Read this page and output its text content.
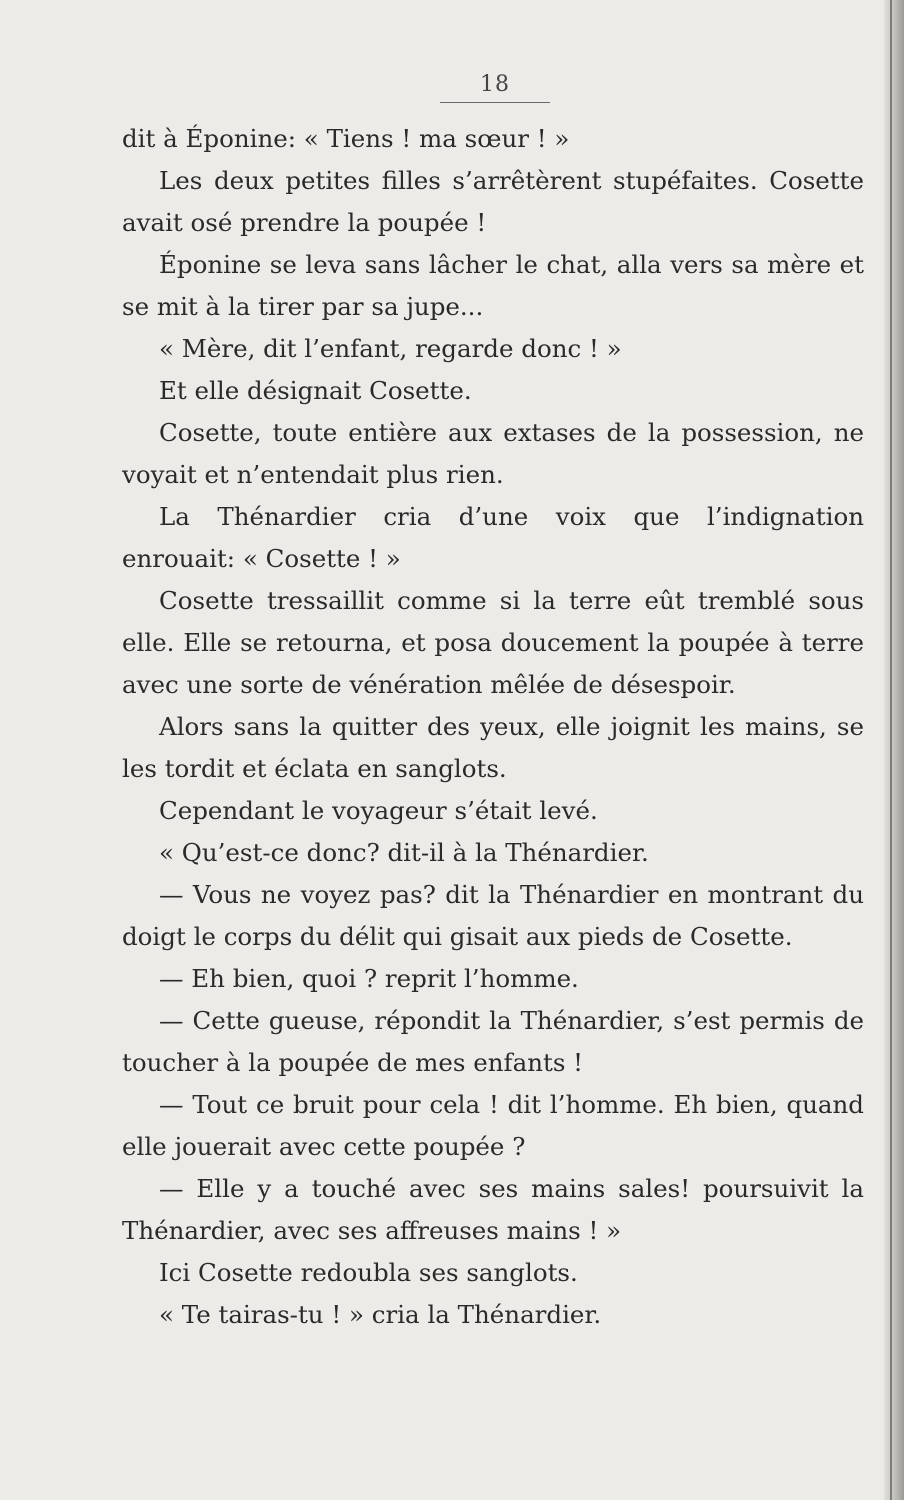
18

dit à Éponine: « Tiens ! ma sœur ! »

Les deux petites filles s’arrêtèrent stupéfaites. Cosette avait osé prendre la poupée !

Éponine se leva sans lâcher le chat, alla vers sa mère et se mit à la tirer par sa jupe...

« Mère, dit l’enfant, regarde donc ! »

Et elle désignait Cosette.

Cosette, toute entière aux extases de la possession, ne voyait et n’entendait plus rien.

La Thénardier cria d’une voix que l’indignation enrouait: « Cosette ! »

Cosette tressaillit comme si la terre eût tremblé sous elle. Elle se retourna, et posa doucement la poupée à terre avec une sorte de vénération mêlée de désespoir.

Alors sans la quitter des yeux, elle joignit les mains, se les tordit et éclata en sanglots.

Cependant le voyageur s’était levé.

« Qu’est-ce donc? dit-il à la Thénardier.

— Vous ne voyez pas? dit la Thénardier en montrant du doigt le corps du délit qui gisait aux pieds de Cosette.

— Eh bien, quoi ? reprit l’homme.

— Cette gueuse, répondit la Thénardier, s’est permis de toucher à la poupée de mes enfants !

— Tout ce bruit pour cela ! dit l’homme. Eh bien, quand elle jouerait avec cette poupée ?

— Elle y a touché avec ses mains sales! poursuivit la Thénardier, avec ses affreuses mains ! »

Ici Cosette redoubla ses sanglots.

« Te tairas-tu ! » cria la Thénardier.
